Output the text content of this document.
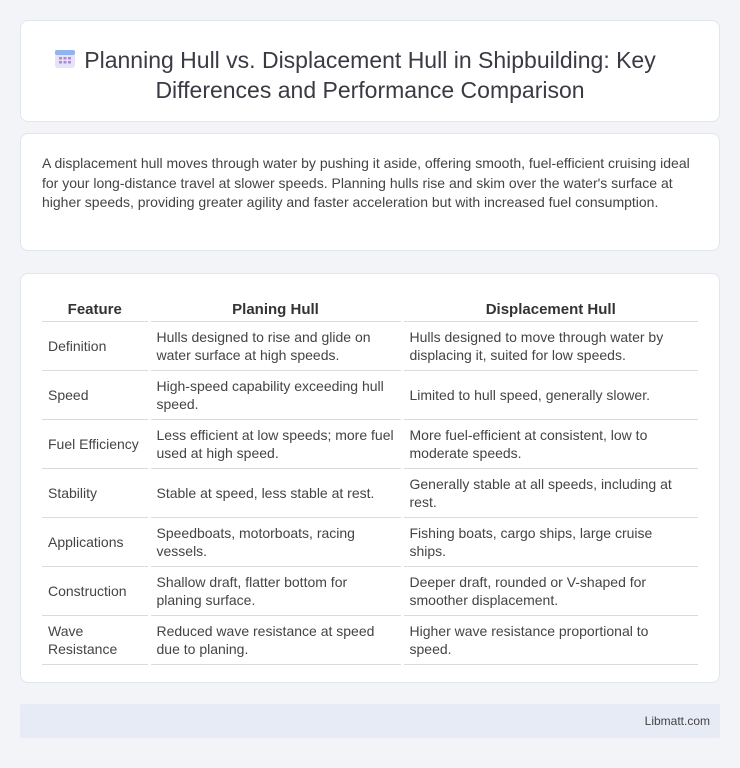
Planning Hull vs. Displacement Hull in Shipbuilding: Key Differences and Performance Comparison

A displacement hull moves through water by pushing it aside, offering smooth, fuel-efficient cruising ideal for your long-distance travel at slower speeds. Planning hulls rise and skim over the water's surface at higher speeds, providing greater agility and faster acceleration but with increased fuel consumption.

Feature	Planing Hull	Displacement Hull
Definition	Hulls designed to rise and glide on water surface at high speeds.	Hulls designed to move through water by displacing it, suited for low speeds.
Speed	High-speed capability exceeding hull speed.	Limited to hull speed, generally slower.
Fuel Efficiency	Less efficient at low speeds; more fuel used at high speed.	More fuel-efficient at consistent, low to moderate speeds.
Stability	Stable at speed, less stable at rest.	Generally stable at all speeds, including at rest.
Applications	Speedboats, motorboats, racing vessels.	Fishing boats, cargo ships, large cruise ships.
Construction	Shallow draft, flatter bottom for planing surface.	Deeper draft, rounded or V-shaped for smoother displacement.
Wave Resistance	Reduced wave resistance at speed due to planing.	Higher wave resistance proportional to speed.
Libmatt.com
